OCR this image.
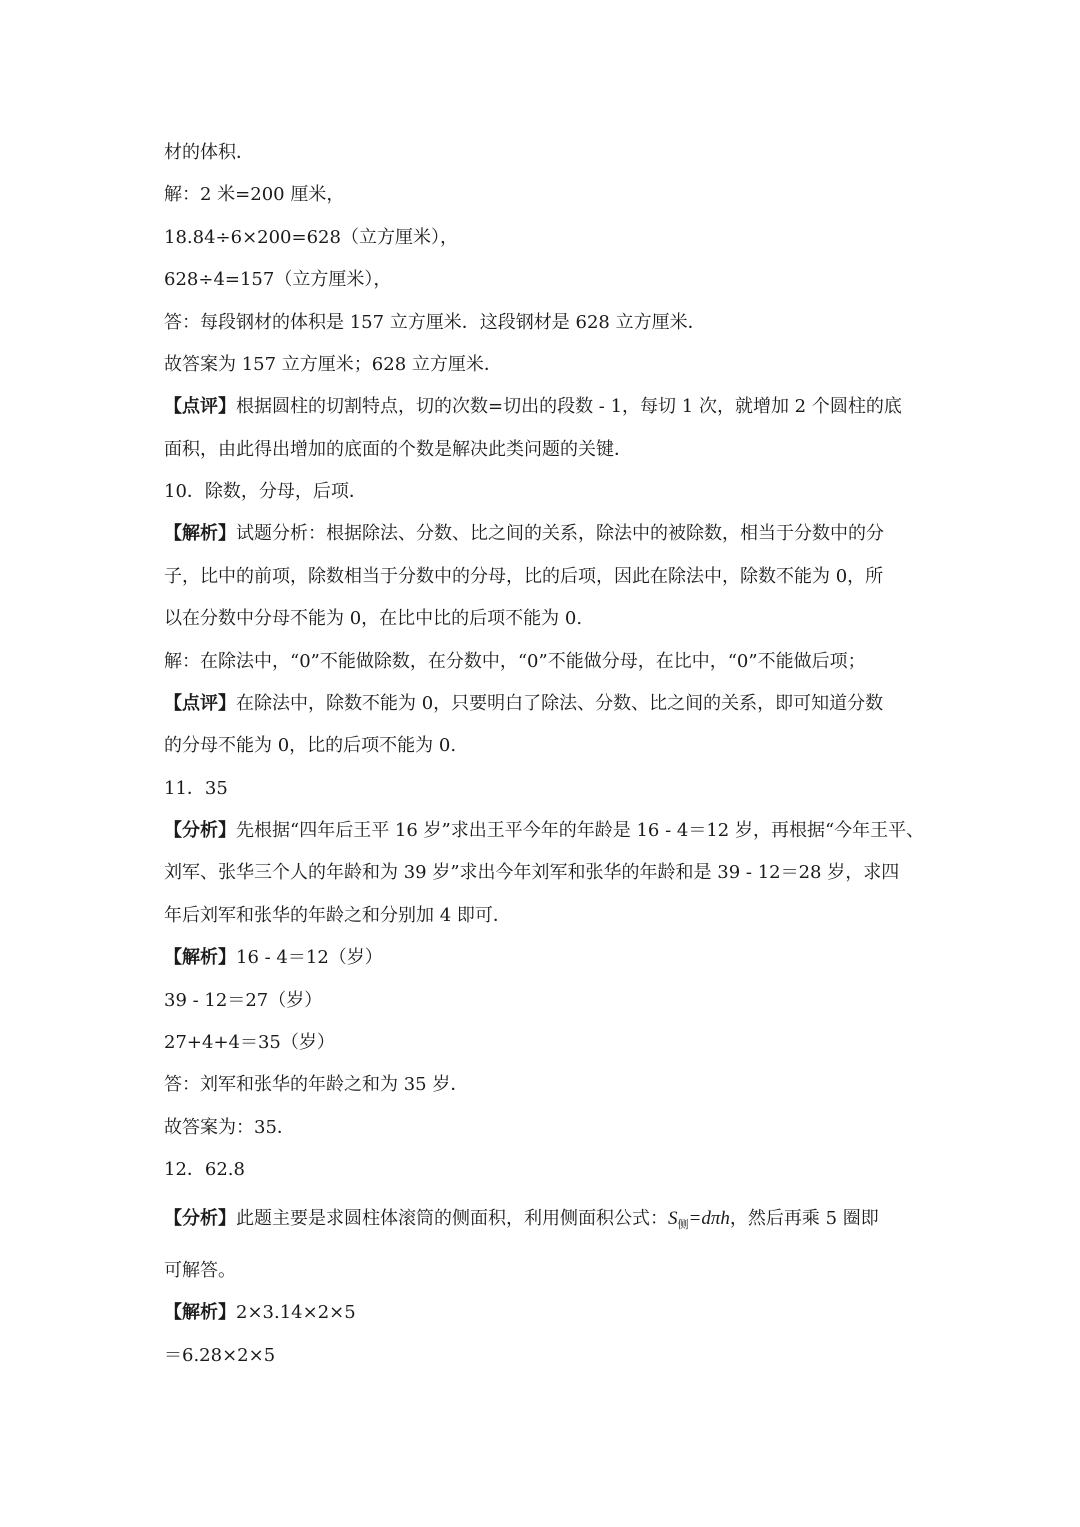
材的体积．
解：2 米=200 厘米，
18.84÷6×200=628（立方厘米），
628÷4=157（立方厘米），
答：每段钢材的体积是 157 立方厘米．这段钢材是 628 立方厘米．
故答案为 157 立方厘米；628 立方厘米．
【点评】根据圆柱的切割特点，切的次数=切出的段数 - 1，每切 1 次，就增加 2 个圆柱的底
面积，由此得出增加的底面的个数是解决此类问题的关键．
10．除数，分母，后项．
【解析】试题分析：根据除法、分数、比之间的关系，除法中的被除数，相当于分数中的分
子，比中的前项，除数相当于分数中的分母，比的后项，因此在除法中，除数不能为 0，所
以在分数中分母不能为 0，在比中比的后项不能为 0.
解：在除法中，“0”不能做除数，在分数中，“0”不能做分母，在比中，“0”不能做后项；
【点评】在除法中，除数不能为 0，只要明白了除法、分数、比之间的关系，即可知道分数
的分母不能为 0，比的后项不能为 0.
11．35
【分析】先根据“四年后王平 16 岁”求出王平今年的年龄是 16 - 4＝12 岁，再根据“今年王平、
刘军、张华三个人的年龄和为 39 岁”求出今年刘军和张华的年龄和是 39 - 12＝28 岁，求四
年后刘军和张华的年龄之和分别加 4 即可．
【解析】16 - 4＝12（岁）
39 - 12＝27（岁）
27+4+4＝35（岁）
答：刘军和张华的年龄之和为 35 岁．
故答案为：35．
12．62.8
【分析】此题主要是求圆柱体滚筒的侧面积，利用侧面积公式：$S_侧=d\pi h$，然后再乘 5 圈即
可解答。
【解析】2×3.14×2×5
＝6.28×2×5
